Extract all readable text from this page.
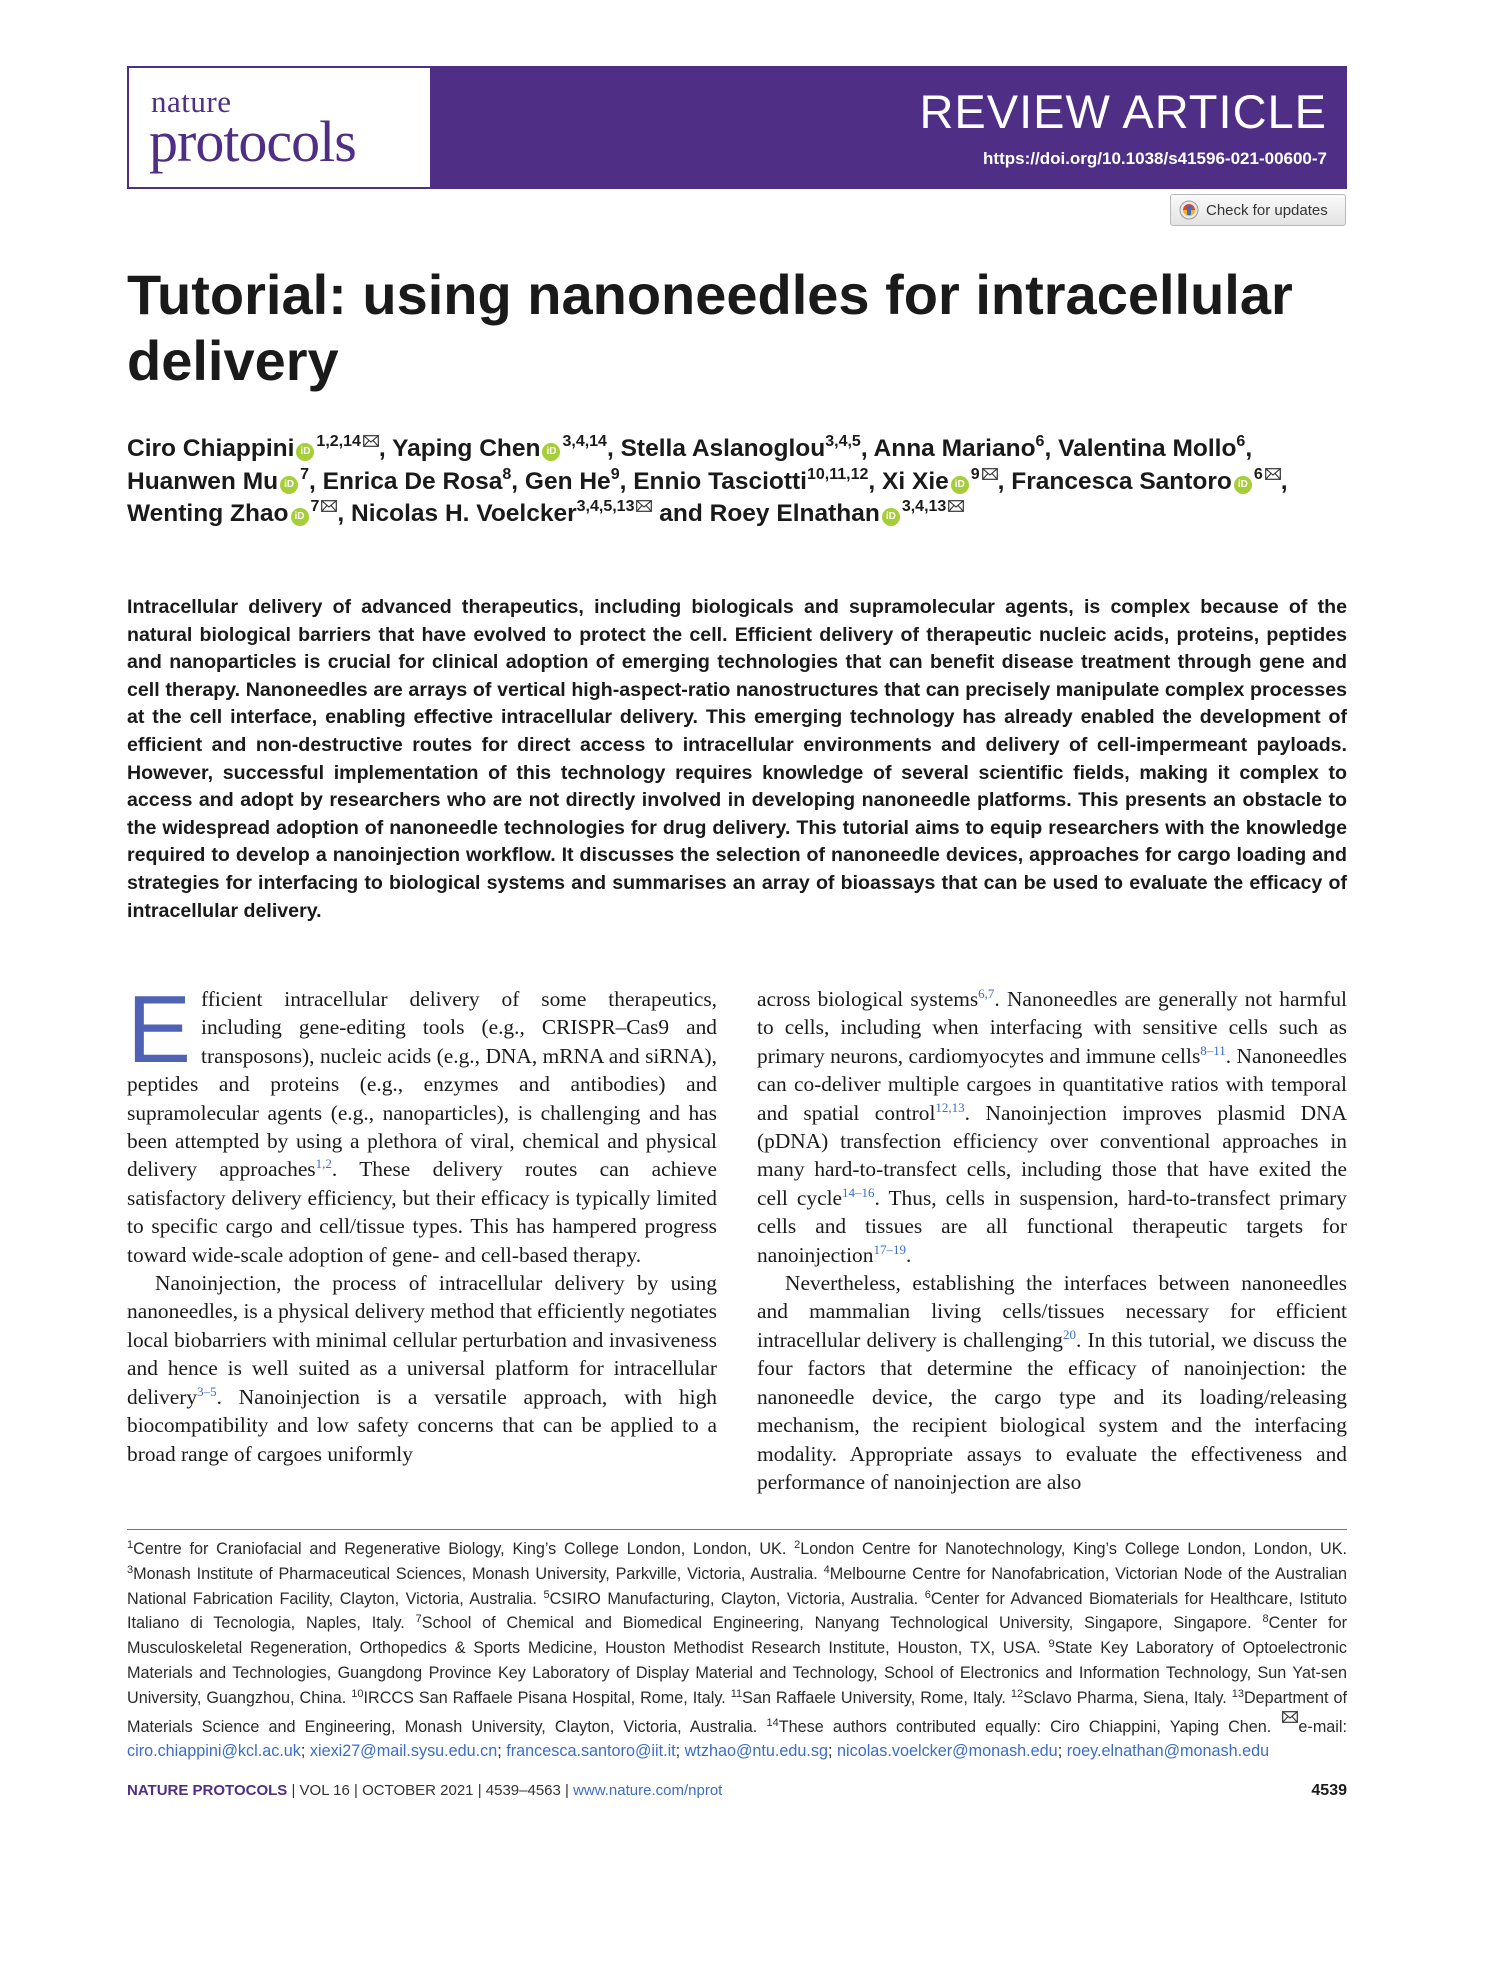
nature
protocols	REVIEW ARTICLE
https://doi.org/10.1038/s41596-021-00600-7
Check for updates
Tutorial: using nanoneedles for intracellular delivery
Ciro Chiappini iD$^{1,2,14}$ , Yaping Chen iD$^{3,4,14}$, Stella Aslanoglou$^{3,4,5}$, Anna Mariano$^6$, Valentina Mollo$^6$, Huanwen Mu iD$^7$, Enrica De Rosa$^8$, Gen He$^9$, Ennio Tasciotti$^{10,11,12}$, Xi Xie iD$^9$ , Francesca Santoro iD$^6$ , Wenting Zhao iD$^7$ , Nicolas H. Voelcker$^{3,4,5,13}$ and Roey Elnathan iD$^{3,4,13}$

Intracellular delivery of advanced therapeutics, including biologicals and supramolecular agents, is complex because of the natural biological barriers that have evolved to protect the cell. Efficient delivery of therapeutic nucleic acids, proteins, peptides and nanoparticles is crucial for clinical adoption of emerging technologies that can benefit disease treatment through gene and cell therapy. Nanoneedles are arrays of vertical high-aspect-ratio nanostructures that can precisely manipulate complex processes at the cell interface, enabling effective intracellular delivery. This emerging technology has already enabled the development of efficient and non-destructive routes for direct access to intracellular environments and delivery of cell-impermeant payloads. However, successful implementation of this technology requires knowledge of several scientific fields, making it complex to access and adopt by researchers who are not directly involved in developing nanoneedle platforms. This presents an obstacle to the widespread adoption of nanoneedle technologies for drug delivery. This tutorial aims to equip researchers with the knowledge required to develop a nanoinjection workflow. It discusses the selection of nanoneedle devices, approaches for cargo loading and strategies for interfacing to biological systems and summarises an array of bioassays that can be used to evaluate the efficacy of intracellular delivery.

E fficient intracellular delivery of some therapeutics, including gene-editing tools (e.g., CRISPR–Cas9 and transposons), nucleic acids (e.g., DNA, mRNA and siRNA), peptides and proteins (e.g., enzymes and antibodies) and supramolecular agents (e.g., nanoparticles), is challenging and has been attempted by using a plethora of viral, chemical and physical delivery approaches$^{1,2}$. These delivery routes can achieve satisfactory delivery efficiency, but their efficacy is typically limited to specific cargo and cell/tissue types. This has hampered progress toward wide-scale adoption of gene- and cell-based therapy.

Nanoinjection, the process of intracellular delivery by using nanoneedles, is a physical delivery method that efficiently negotiates local biobarriers with minimal cellular perturbation and invasiveness and hence is well suited as a universal platform for intracellular delivery$^{3-5}$. Nanoinjection is a versatile approach, with high biocompatibility and low safety concerns that can be applied to a broad range of cargoes uniformly

across biological systems$^{6,7}$. Nanoneedles are generally not harmful to cells, including when interfacing with sensitive cells such as primary neurons, cardiomyocytes and immune cells$^{8-11}$. Nanoneedles can co-deliver multiple cargoes in quantitative ratios with temporal and spatial control$^{12,13}$. Nanoinjection improves plasmid DNA (pDNA) transfection efficiency over conventional approaches in many hard-to-transfect cells, including those that have exited the cell cycle$^{14-16}$. Thus, cells in suspension, hard-to-transfect primary cells and tissues are all functional therapeutic targets for nanoinjection$^{17-19}$.

Nevertheless, establishing the interfaces between nanoneedles and mammalian living cells/tissues necessary for efficient intracellular delivery is challenging$^{20}$. In this tutorial, we discuss the four factors that determine the efficacy of nanoinjection: the nanoneedle device, the cargo type and its loading/releasing mechanism, the recipient biological system and the interfacing modality. Appropriate assays to evaluate the effectiveness and performance of nanoinjection are also

$^1$Centre for Craniofacial and Regenerative Biology, King’s College London, London, UK. $^2$London Centre for Nanotechnology, King’s College London, London, UK. $^3$Monash Institute of Pharmaceutical Sciences, Monash University, Parkville, Victoria, Australia. $^4$Melbourne Centre for Nanofabrication, Victorian Node of the Australian National Fabrication Facility, Clayton, Victoria, Australia. $^5$CSIRO Manufacturing, Clayton, Victoria, Australia. $^6$Center for Advanced Biomaterials for Healthcare, Istituto Italiano di Tecnologia, Naples, Italy. $^7$School of Chemical and Biomedical Engineering, Nanyang Technological University, Singapore, Singapore. $^8$Center for Musculoskeletal Regeneration, Orthopedics & Sports Medicine, Houston Methodist Research Institute, Houston, TX, USA. $^9$State Key Laboratory of Optoelectronic Materials and Technologies, Guangdong Province Key Laboratory of Display Material and Technology, School of Electronics and Information Technology, Sun Yat-sen University, Guangzhou, China. $^{10}$IRCCS San Raffaele Pisana Hospital, Rome, Italy. $^{11}$San Raffaele University, Rome, Italy. $^{12}$Sclavo Pharma, Siena, Italy. $^{13}$Department of Materials Science and Engineering, Monash University, Clayton, Victoria, Australia. $^{14}$These authors contributed equally: Ciro Chiappini, Yaping Chen. e-mail: ciro.chiappini@kcl.ac.uk; xiexi27@mail.sysu.edu.cn; francesca.santoro@iit.it; wtzhao@ntu.edu.sg; nicolas.voelcker@monash.edu; roey.elnathan@monash.edu

NATURE PROTOCOLS | VOL 16 | OCTOBER 2021 | 4539–4563 | www.nature.com/nprot	4539
